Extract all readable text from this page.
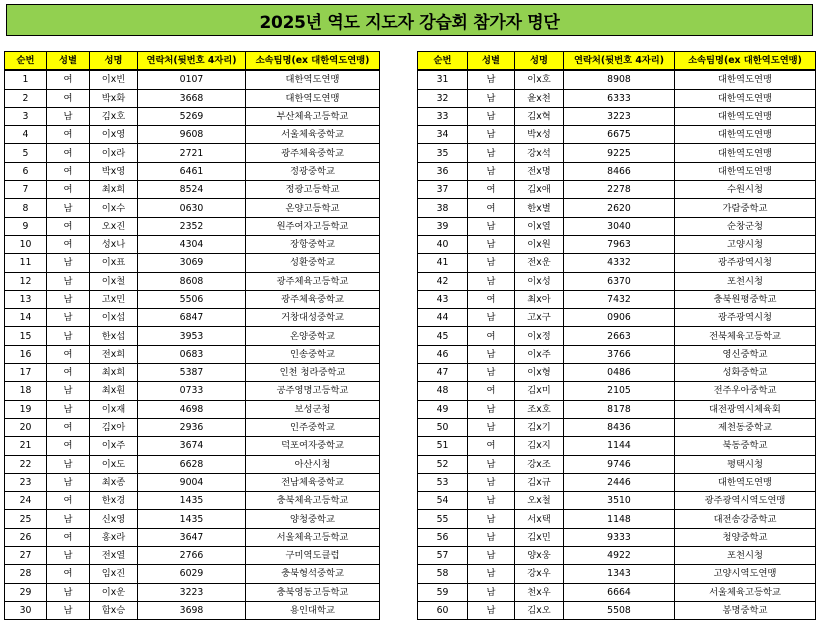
2025년 역도 지도자 강습회 참가자 명단
순번	성별	성명	연락처(뒷번호 4자리)	소속팀명(ex 대한역도연맹)
1	여	이x빈	0107	대한역도연맹
2	여	박x화	3668	대한역도연맹
3	남	김x호	5269	부산체육고등학교
4	여	이x영	9608	서울체육중학교
5	여	이x라	2721	광주체육중학교
6	여	박x영	6461	정광중학교
7	여	최x희	8524	정광고등학교
8	남	이x수	0630	온양고등학교
9	여	오x진	2352	원주여자고등학교
10	여	성x나	4304	장항중학교
11	남	이x표	3069	성환중학교
12	남	이x철	8608	광주체육고등학교
13	남	고x민	5506	광주체육중학교
14	남	이x섭	6847	거창대성중학교
15	남	한x섭	3953	온양중학교
16	여	전x희	0683	인송중학교
17	여	최x희	5387	인천 청라중학교
18	남	최x훤	0733	공주영명고등학교
19	남	이x재	4698	보성군청
20	여	김x아	2936	인주중학교
21	여	이x주	3674	덕포여자중학교
22	남	이x도	6628	아산시청
23	남	최x종	9004	전남체육중학교
24	여	한x경	1435	충북체육고등학교
25	남	신x영	1435	양청중학교
26	여	홍x라	3647	서울체육고등학교
27	남	전x열	2766	구미역도클럽
28	여	임x진	6029	충북형석중학교
29	남	이x운	3223	충북영동고등학교
30	남	함x승	3698	용인대학교
순번	성별	성명	연락처(뒷번호 4자리)	소속팀명(ex 대한역도연맹)
31	남	이x호	8908	대한역도연맹
32	남	윤x천	6333	대한역도연맹
33	남	김x혁	3223	대한역도연맹
34	남	박x성	6675	대한역도연맹
35	남	강x석	9225	대한역도연맹
36	남	전x명	8466	대한역도연맹
37	여	김x애	2278	수원시청
38	여	한x별	2620	가람중학교
39	남	이x열	3040	순창군청
40	남	이x원	7963	고양시청
41	남	전x운	4332	광주광역시청
42	남	이x성	6370	포천시청
43	여	최x아	7432	충북원평중학교
44	남	고x구	0906	광주광역시청
45	여	이x정	2663	전북체육고등학교
46	남	이x주	3766	영신중학교
47	남	이x형	0486	성화중학교
48	여	김x미	2105	전주우아중학교
49	남	조x호	8178	대전광역시체육회
50	남	김x기	8436	제천동중학교
51	여	김x지	1144	북동중학교
52	남	강x조	9746	평택시청
53	남	김x규	2446	대한역도연맹
54	남	오x철	3510	광주광역시역도연맹
55	남	서x택	1148	대전송강중학교
56	남	김x민	9333	청양중학교
57	남	양x웅	4922	포천시청
58	남	강x우	1343	고양시역도연맹
59	남	천x우	6664	서울체육고등학교
60	남	김x오	5508	봉명중학교
